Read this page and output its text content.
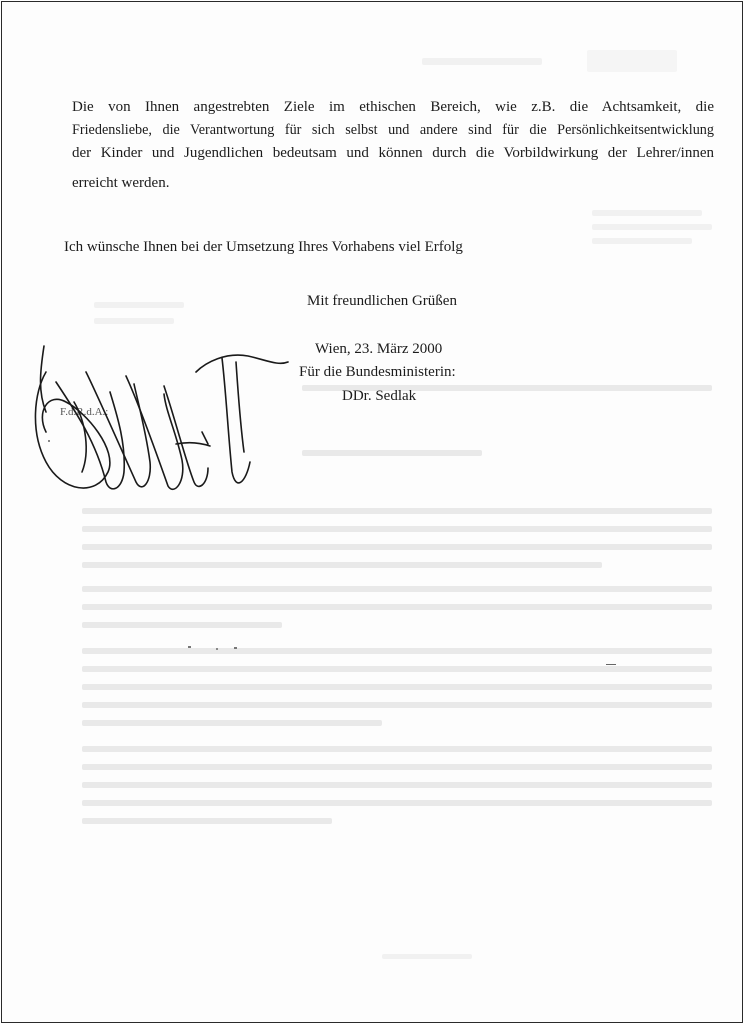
Die von Ihnen angestrebten Ziele im ethischen Bereich, wie z.B. die Achtsamkeit, die
Friedensliebe, die Verantwortung für sich selbst und andere sind für die Persönlichkeitsentwicklung
der Kinder und Jugendlichen bedeutsam und können durch die Vorbildwirkung der Lehrer/innen
erreicht werden.
Ich wünsche Ihnen bei der Umsetzung Ihres Vorhabens viel Erfolg
Mit freundlichen Grüßen
Wien, 23. März 2000
Für die Bundesministerin:
DDr. Sedlak
F.d.R.d.A.:
